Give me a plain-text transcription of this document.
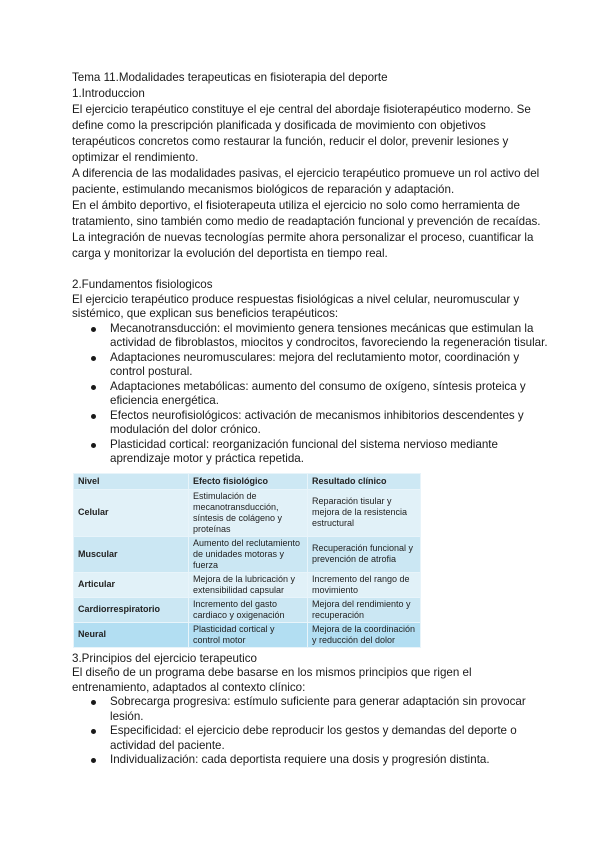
Tema 11.Modalidades terapeuticas en fisioterapia del deporte
1.Introduccion
El ejercicio terapéutico constituye el eje central del abordaje fisioterapéutico moderno. Se
define como la prescripción planificada y dosificada de movimiento con objetivos
terapéuticos concretos como restaurar la función, reducir el dolor, prevenir lesiones y
optimizar el rendimiento.
A diferencia de las modalidades pasivas, el ejercicio terapéutico promueve un rol activo del
paciente, estimulando mecanismos biológicos de reparación y adaptación.
En el ámbito deportivo, el fisioterapeuta utiliza el ejercicio no solo como herramienta de
tratamiento, sino también como medio de readaptación funcional y prevención de recaídas.
La integración de nuevas tecnologías permite ahora personalizar el proceso, cuantificar la
carga y monitorizar la evolución del deportista en tiempo real.
2.Fundamentos fisiologicos
El ejercicio terapéutico produce respuestas fisiológicas a nivel celular, neuromuscular y
sistémico, que explican sus beneficios terapéuticos:
Mecanotransducción: el movimiento genera tensiones mecánicas que estimulan la
actividad de fibroblastos, miocitos y condrocitos, favoreciendo la regeneración tisular.
Adaptaciones neuromusculares: mejora del reclutamiento motor, coordinación y
control postural.
Adaptaciones metabólicas: aumento del consumo de oxígeno, síntesis proteica y
eficiencia energética.
Efectos neurofisiológicos: activación de mecanismos inhibitorios descendentes y
modulación del dolor crónico.
Plasticidad cortical: reorganización funcional del sistema nervioso mediante
aprendizaje motor y práctica repetida.
Nivel	Efecto fisiológico	Resultado clínico
Celular	Estimulación de mecanotransducción, síntesis de colágeno y proteínas	Reparación tisular y mejora de la resistencia estructural
Muscular	Aumento del reclutamiento de unidades motoras y fuerza	Recuperación funcional y prevención de atrofia
Articular	Mejora de la lubricación y extensibilidad capsular	Incremento del rango de movimiento
Cardiorrespiratorio	Incremento del gasto cardiaco y oxigenación	Mejora del rendimiento y recuperación
Neural	Plasticidad cortical y control motor	Mejora de la coordinación y reducción del dolor
3.Principios del ejercicio terapeutico
El diseño de un programa debe basarse en los mismos principios que rigen el
entrenamiento, adaptados al contexto clínico:
Sobrecarga progresiva: estímulo suficiente para generar adaptación sin provocar
lesión.
Especificidad: el ejercicio debe reproducir los gestos y demandas del deporte o
actividad del paciente.
Individualización: cada deportista requiere una dosis y progresión distinta.
